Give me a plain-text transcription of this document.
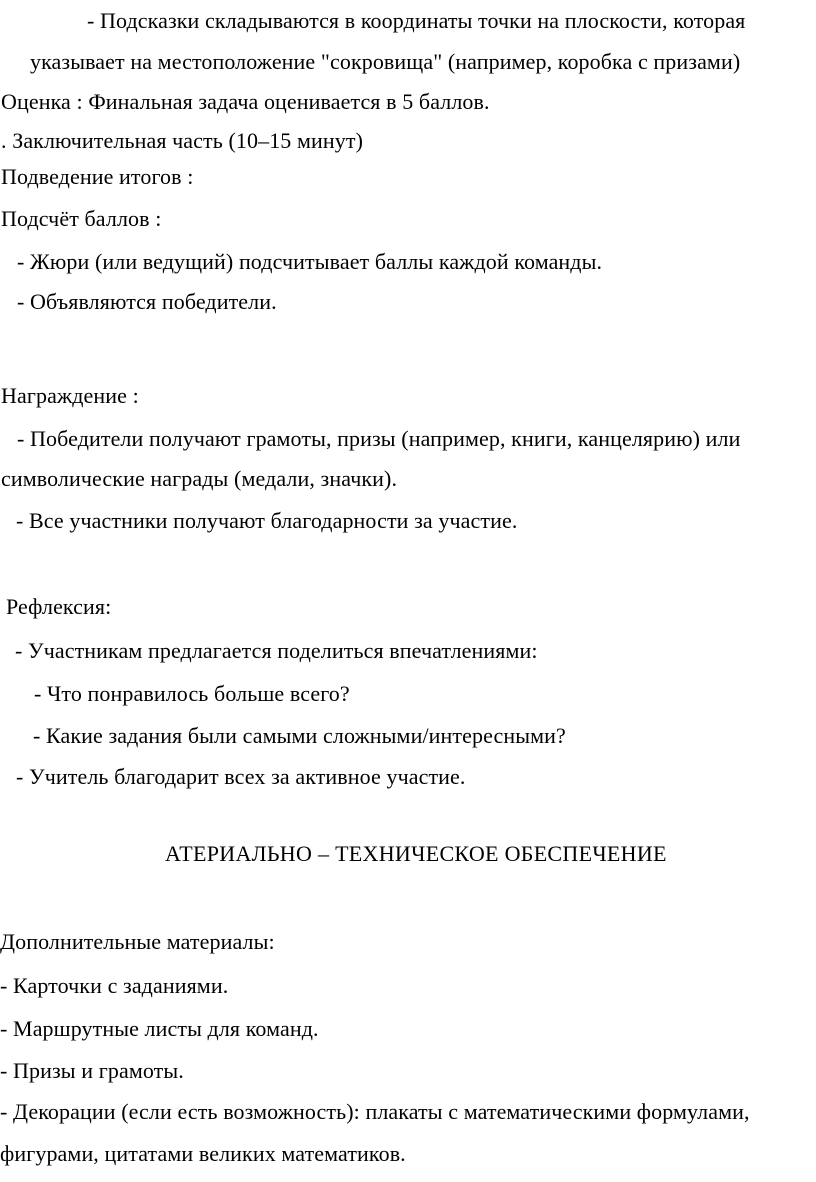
- Подсказки складываются в координаты точки на плоскости, которая
указывает на местоположение "сокровища" (например, коробка с призами)
Оценка : Финальная задача оценивается в 5 баллов.
. Заключительная часть (10–15 минут)
Подведение итогов :
Подсчёт баллов :
- Жюри (или ведущий) подсчитывает баллы каждой команды.
- Объявляются победители.
Награждение :
- Победители получают грамоты, призы (например, книги, канцелярию) или
символические награды (медали, значки).
- Все участники получают благодарности за участие.
Рефлексия:
- Участникам предлагается поделиться впечатлениями:
- Что понравилось больше всего?
- Какие задания были самыми сложными/интересными?
- Учитель благодарит всех за активное участие.
АТЕРИАЛЬНО – ТЕХНИЧЕСКОЕ ОБЕСПЕЧЕНИЕ
Дополнительные материалы:
- Карточки с заданиями.
- Маршрутные листы для команд.
- Призы и грамоты.
- Декорации (если есть возможность): плакаты с математическими формулами,
фигурами, цитатами великих математиков.
